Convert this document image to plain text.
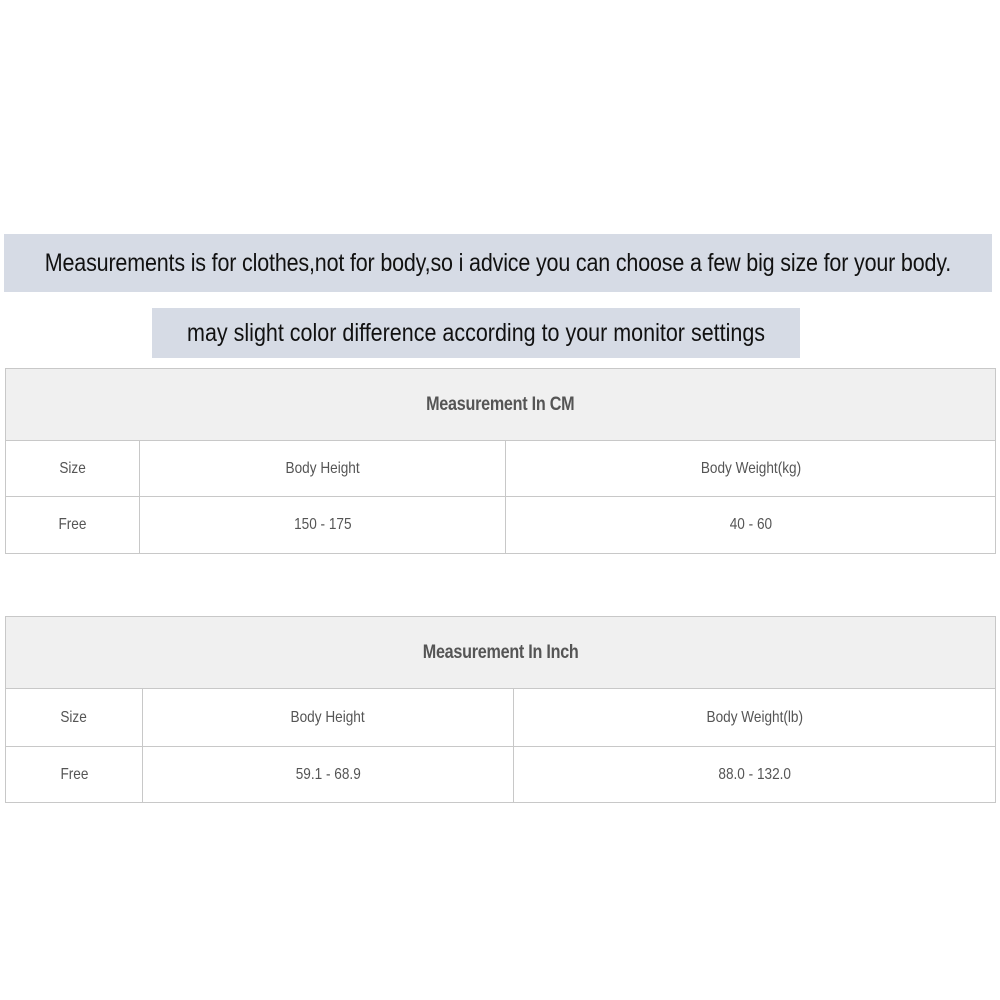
Measurements is for clothes,not for body,so i advice you can choose a few big size for your body.
may slight color difference according to your monitor settings
Measurement In CM		
Size	Body Height	Body Weight(kg)
Free	150 - 175	40 - 60
Measurement In Inch		
Size	Body Height	Body Weight(lb)
Free	59.1 - 68.9	88.0 - 132.0
